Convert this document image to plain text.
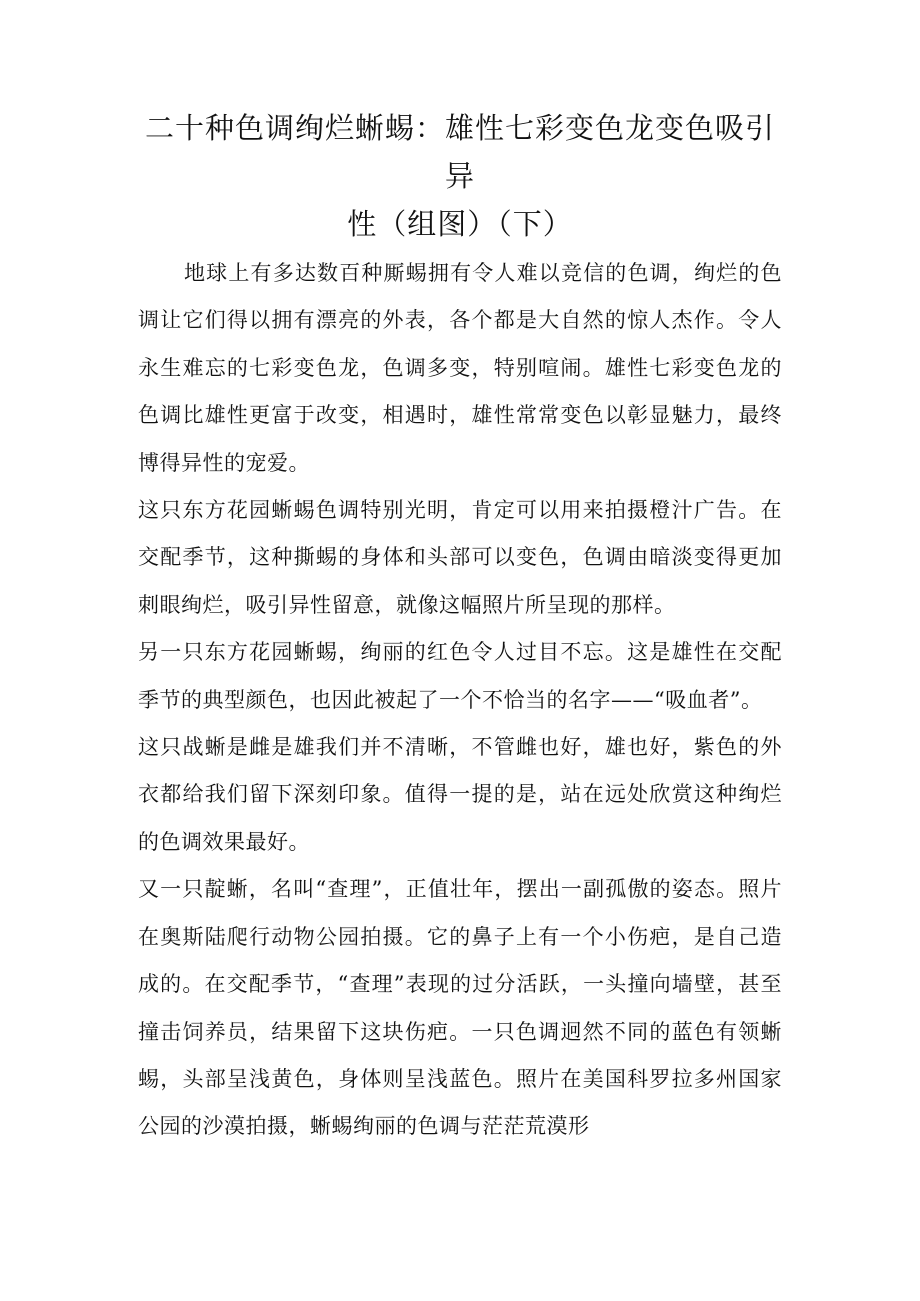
二十种色调绚烂蜥蜴：雄性七彩变色龙变色吸引异
性（组图）（下）

地球上有多达数百种厮蜴拥有令人难以竞信的色调，绚烂的色调让它们得以拥有漂亮的外表，各个都是大自然的惊人杰作。令人永生难忘的七彩变色龙，色调多变，特别喧闹。雄性七彩变色龙的色调比雄性更富于改变，相遇时，雄性常常变色以彰显魅力，最终博得异性的宠爱。

这只东方花园蜥蜴色调特别光明，肯定可以用来拍摄橙汁广告。在交配季节，这种撕蜴的身体和头部可以变色，色调由暗淡变得更加刺眼绚烂，吸引异性留意，就像这幅照片所呈现的那样。

另一只东方花园蜥蜴，绚丽的红色令人过目不忘。这是雄性在交配季节的典型颜色，也因此被起了一个不恰当的名字——“吸血者”。

这只战蜥是雌是雄我们并不清晰，不管雌也好，雄也好，紫色的外衣都给我们留下深刻印象。值得一提的是，站在远处欣赏这种绚烂的色调效果最好。

又一只靛蜥，名叫“查理”，正值壮年，摆出一副孤傲的姿态。照片在奥斯陆爬行动物公园拍摄。它的鼻子上有一个小伤疤，是自己造成的。在交配季节，“查理”表现的过分活跃，一头撞向墙壁，甚至撞击饲养员，结果留下这块伤疤。一只色调迥然不同的蓝色有领蜥蜴，头部呈浅黄色，身体则呈浅蓝色。照片在美国科罗拉多州国家公园的沙漠拍摄，蜥蜴绚丽的色调与茫茫荒漠形
